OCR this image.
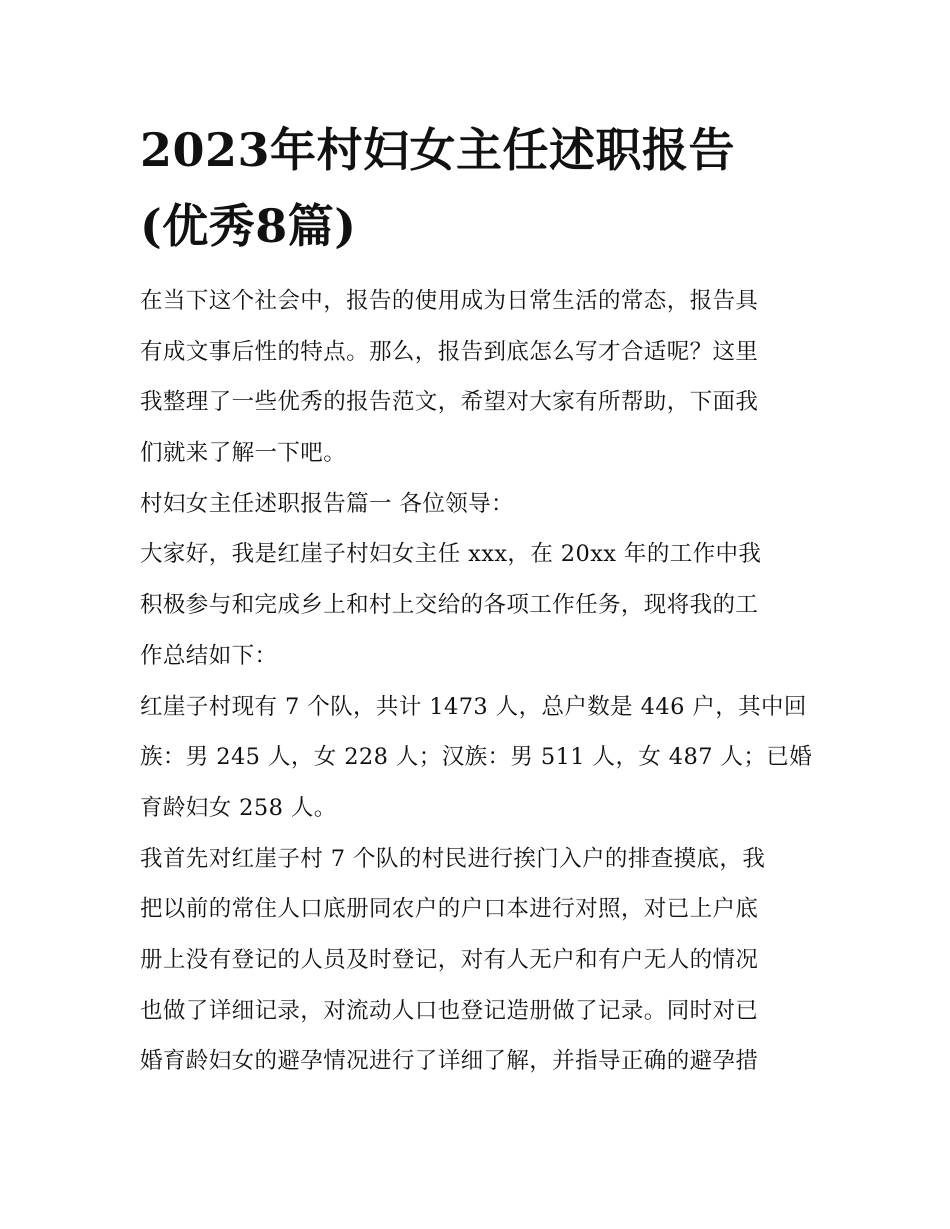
2023年村妇女主任述职报告
(优秀8篇)
在当下这个社会中，报告的使用成为日常生活的常态，报告具
有成文事后性的特点。那么，报告到底怎么写才合适呢？这里
我整理了一些优秀的报告范文，希望对大家有所帮助，下面我
们就来了解一下吧。
村妇女主任述职报告篇一 各位领导：
大家好，我是红崖子村妇女主任 xxx，在 20xx 年的工作中我
积极参与和完成乡上和村上交给的各项工作任务，现将我的工
作总结如下：
红崖子村现有 7 个队，共计 1473 人，总户数是 446 户，其中回
族：男 245 人，女 228 人；汉族：男 511 人，女 487 人；已婚
育龄妇女 258 人。
我首先对红崖子村 7 个队的村民进行挨门入户的排查摸底，我
把以前的常住人口底册同农户的户口本进行对照，对已上户底
册上没有登记的人员及时登记，对有人无户和有户无人的情况
也做了详细记录，对流动人口也登记造册做了记录。同时对已
婚育龄妇女的避孕情况进行了详细了解，并指导正确的避孕措
